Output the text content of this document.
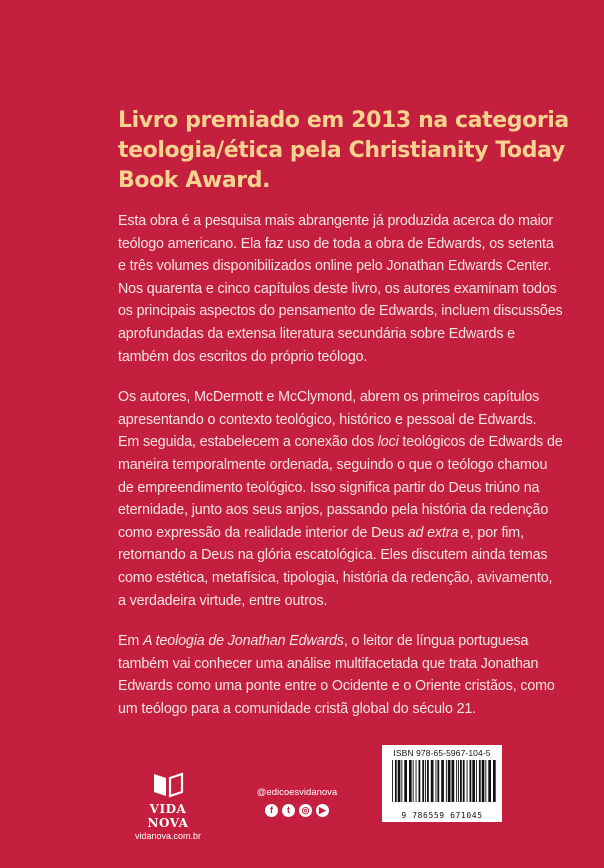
Livro premiado em 2013 na categoria
teologia/ética pela Christianity Today
Book Award.
Esta obra é a pesquisa mais abrangente já produzida acerca do maior
teólogo americano. Ela faz uso de toda a obra de Edwards, os setenta
e três volumes disponibilizados online pelo Jonathan Edwards Center.
Nos quarenta e cinco capítulos deste livro, os autores examinam todos
os principais aspectos do pensamento de Edwards, incluem discussões
aprofundadas da extensa literatura secundária sobre Edwards e
também dos escritos do próprio teólogo.
Os autores, McDermott e McClymond, abrem os primeiros capítulos
apresentando o contexto teológico, histórico e pessoal de Edwards.
Em seguida, estabelecem a conexão dos loci teológicos de Edwards de
maneira temporalmente ordenada, seguindo o que o teólogo chamou
de empreendimento teológico. Isso significa partir do Deus triúno na
eternidade, junto aos seus anjos, passando pela história da redenção
como expressão da realidade interior de Deus ad extra e, por fim,
retornando a Deus na glória escatológica. Eles discutem ainda temas
como estética, metafísica, tipologia, história da redenção, avivamento,
a verdadeira virtude, entre outros.
Em A teologia de Jonathan Edwards, o leitor de língua portuguesa
também vai conhecer uma análise multifacetada que trata Jonathan
Edwards como uma ponte entre o Ocidente e o Oriente cristãos, como
um teólogo para a comunidade cristã global do século 21.
VIDA NOVA
vidanova.com.br
@edicoesvidanova
f	t	◎	▶
ISBN 978-65-5967-104-5
9 786559 671045
